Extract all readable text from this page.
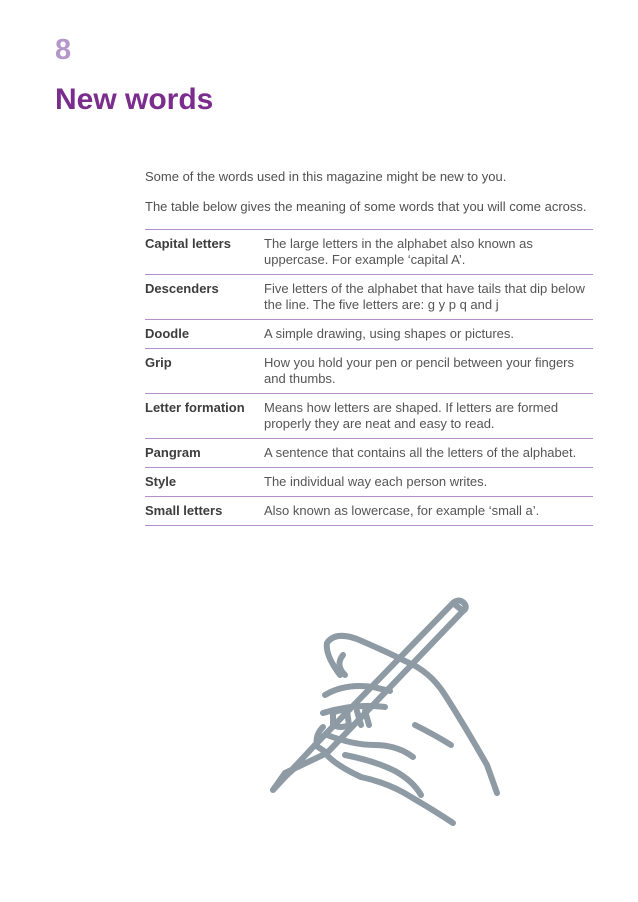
8
New words

Some of the words used in this magazine might be new to you.

The table below gives the meaning of some words that you will come across.

Capital letters	The large letters in the alphabet also known as uppercase. For example ‘capital A’.
Descenders	Five letters of the alphabet that have tails that dip below the line. The five letters are: g y p q and j
Doodle	A simple drawing, using shapes or pictures.
Grip	How you hold your pen or pencil between your fingers and thumbs.
Letter formation	Means how letters are shaped. If letters are formed properly they are neat and easy to read.
Pangram	A sentence that contains all the letters of the alphabet.
Style	The individual way each person writes.
Small letters	Also known as lowercase, for example ‘small a’.
